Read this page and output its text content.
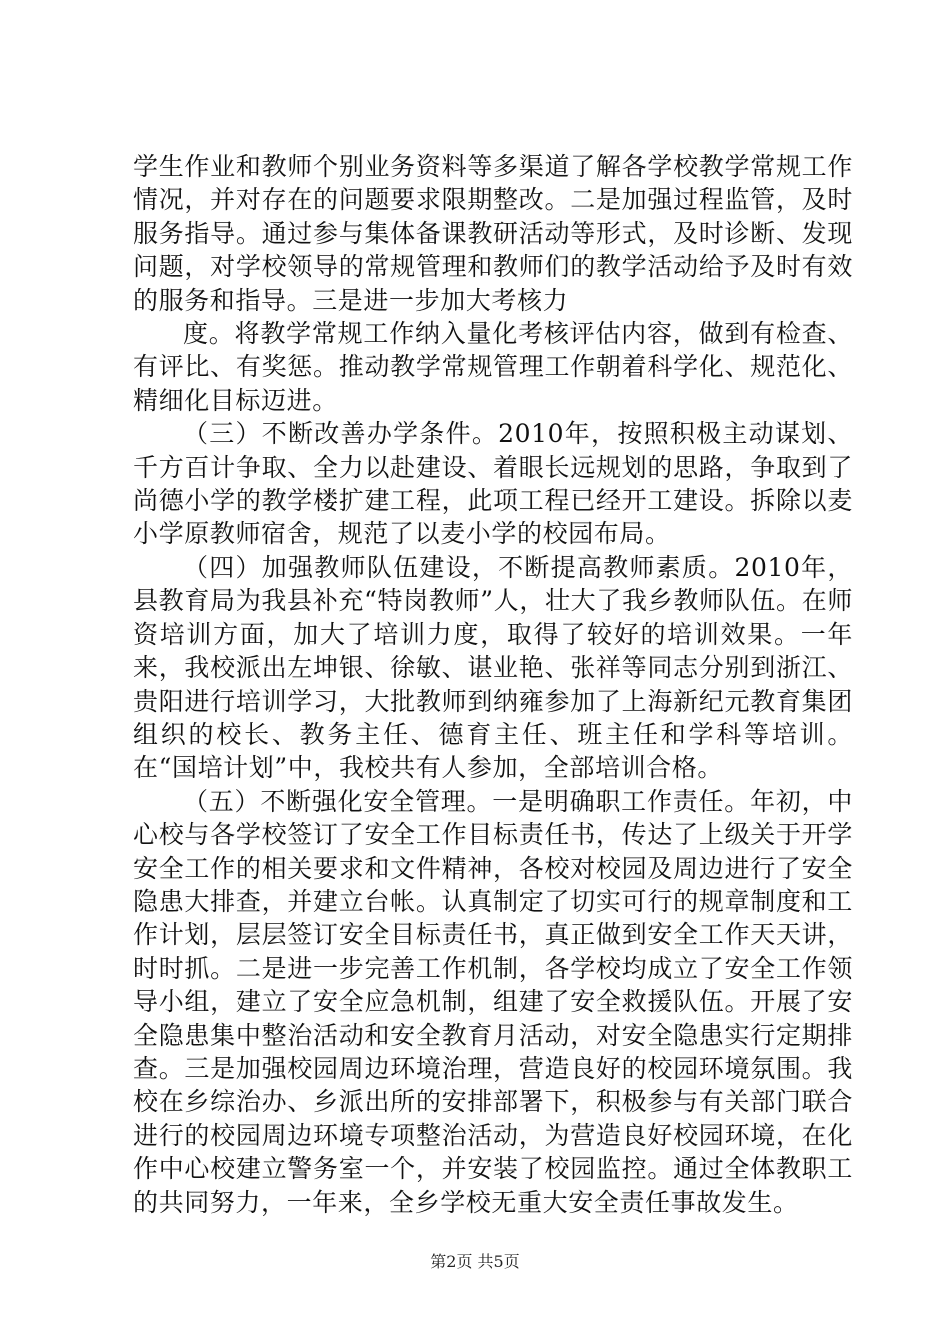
学生作业和教师个别业务资料等多渠道了解各学校教学常规工作情况，并对存在的问题要求限期整改。二是加强过程监管，及时服务指导。通过参与集体备课教研活动等形式，及时诊断、发现问题，对学校领导的常规管理和教师们的教学活动给予及时有效的服务和指导。三是进一步加大考核力

度。将教学常规工作纳入量化考核评估内容，做到有检查、有评比、有奖惩。推动教学常规管理工作朝着科学化、规范化、精细化目标迈进。

（三）不断改善办学条件。2010年，按照积极主动谋划、千方百计争取、全力以赴建设、着眼长远规划的思路，争取到了尚德小学的教学楼扩建工程，此项工程已经开工建设。拆除以麦小学原教师宿舍，规范了以麦小学的校园布局。

（四）加强教师队伍建设，不断提高教师素质。2010年，县教育局为我县补充“特岗教师”人，壮大了我乡教师队伍。在师资培训方面，加大了培训力度，取得了较好的培训效果。一年来，我校派出左坤银、徐敏、谌业艳、张祥等同志分别到浙江、贵阳进行培训学习，大批教师到纳雍参加了上海新纪元教育集团组织的校长、教务主任、德育主任、班主任和学科等培训。在“国培计划”中，我校共有人参加，全部培训合格。

（五）不断强化安全管理。一是明确职工作责任。年初，中心校与各学校签订了安全工作目标责任书，传达了上级关于开学安全工作的相关要求和文件精神，各校对校园及周边进行了安全隐患大排查，并建立台帐。认真制定了切实可行的规章制度和工作计划，层层签订安全目标责任书，真正做到安全工作天天讲，时时抓。二是进一步完善工作机制，各学校均成立了安全工作领导小组，建立了安全应急机制，组建了安全救援队伍。开展了安全隐患集中整治活动和安全教育月活动，对安全隐患实行定期排查。三是加强校园周边环境治理，营造良好的校园环境氛围。我校在乡综治办、乡派出所的安排部署下，积极参与有关部门联合进行的校园周边环境专项整治活动，为营造良好校园环境，在化作中心校建立警务室一个，并安装了校园监控。通过全体教职工的共同努力，一年来，全乡学校无重大安全责任事故发生。

第2页 共5页
